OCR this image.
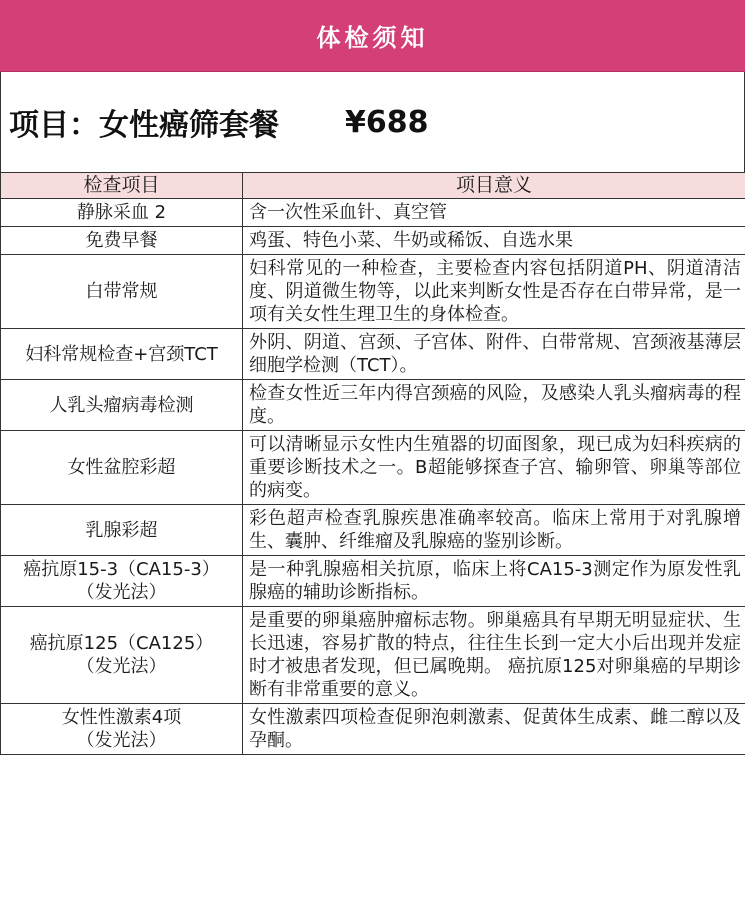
体检须知
项目：女性癌筛套餐 ¥688
检查项目	项目意义

静脉采血 2	含一次性采血针、真空管

免费早餐	鸡蛋、特色小菜、牛奶或稀饭、自选水果

白带常规	妇科常见的一种检查，主要检查内容包括阴道PH、阴道清洁度、阴道微生物等，以此来判断女性是否存在白带异常，是一项有关女性生理卫生的身体检查。

妇科常规检查+宫颈TCT	外阴、阴道、宫颈、子宫体、附件、白带常规、宫颈液基薄层细胞学检测（TCT）。

人乳头瘤病毒检测	检查女性近三年内得宫颈癌的风险，及感染人乳头瘤病毒的程度。

女性盆腔彩超	可以清晰显示女性内生殖器的切面图象，现已成为妇科疾病的重要诊断技术之一。B超能够探查子宫、输卵管、卵巢等部位的病变。

乳腺彩超	彩色超声检查乳腺疾患准确率较高。临床上常用于对乳腺增生、囊肿、纤维瘤及乳腺癌的鉴别诊断。

癌抗原15-3（CA15-3）
（发光法）	是一种乳腺癌相关抗原，临床上将CA15-3测定作为原发性乳腺癌的辅助诊断指标。

癌抗原125（CA125）
（发光法）	是重要的卵巢癌肿瘤标志物。卵巢癌具有早期无明显症状、生长迅速，容易扩散的特点，往往生长到一定大小后出现并发症时才被患者发现，但已属晚期。 癌抗原125对卵巢癌的早期诊断有非常重要的意义。

女性性激素4项
（发光法）	女性激素四项检查促卵泡刺激素、促黄体生成素、雌二醇以及孕酮。
